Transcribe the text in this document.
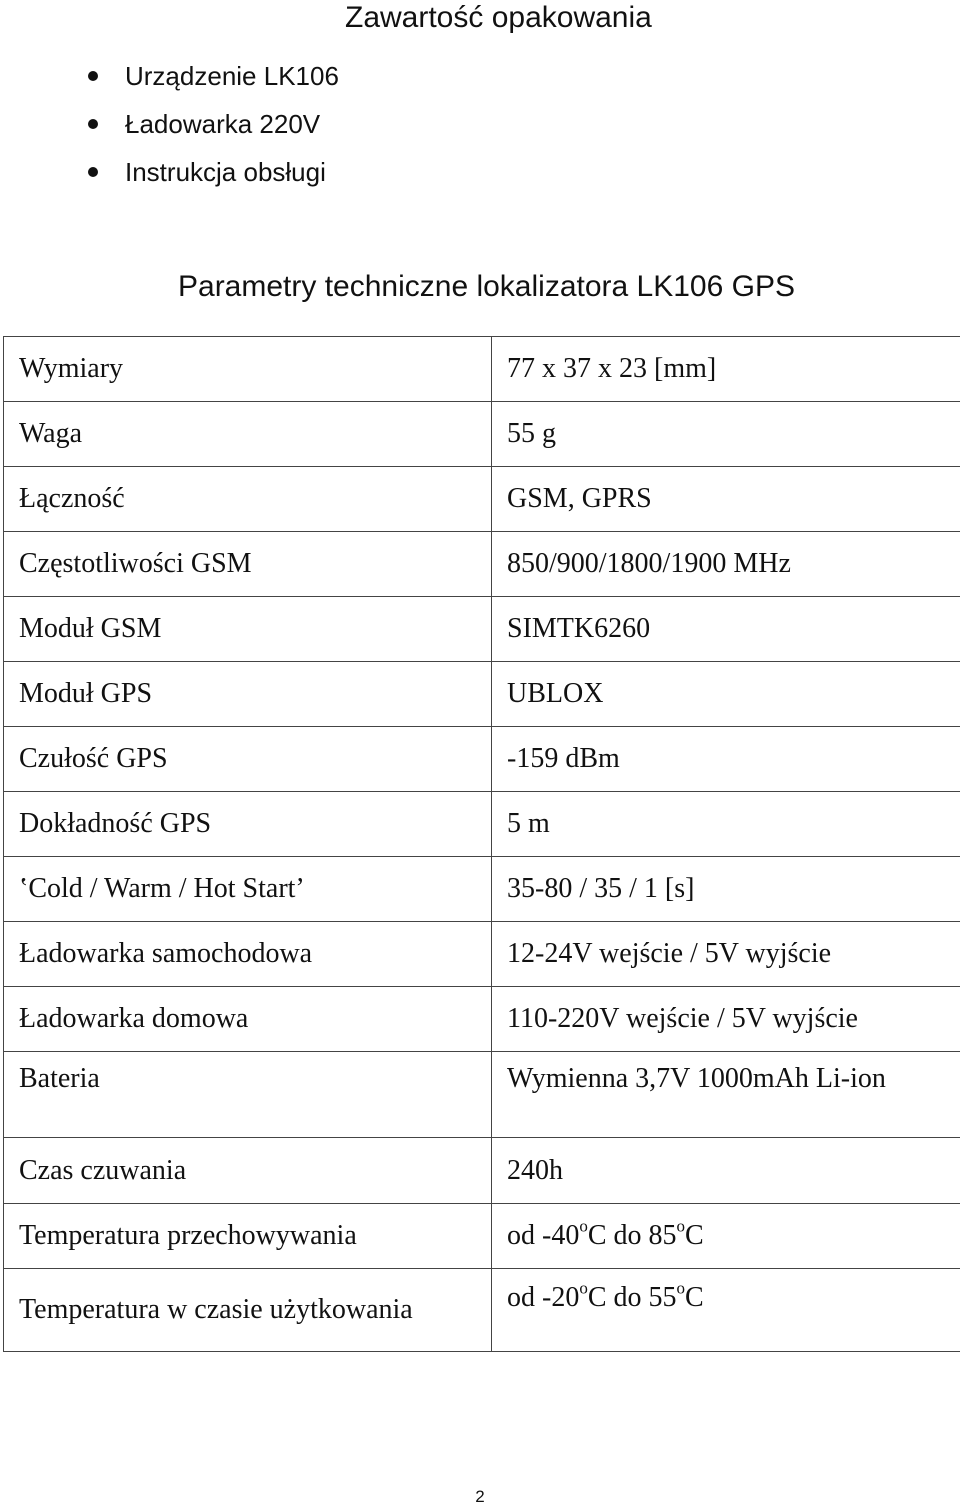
Zawartość opakowania
Urządzenie LK106
Ładowarka 220V
Instrukcja obsługi
Parametry techniczne lokalizatora LK106 GPS
Wymiary	77 x 37 x 23 [mm]
Waga	55 g
Łączność	GSM, GPRS
Częstotliwości GSM	850/900/1800/1900 MHz
Moduł GSM	SIMTK6260
Moduł GPS	UBLOX
Czułość GPS	-159 dBm
Dokładność GPS	5 m
‛Cold / Warm / Hot Start’	35-80 / 35 / 1 [s]
Ładowarka samochodowa	12-24V wejście / 5V wyjście
Ładowarka domowa	110-220V wejście / 5V wyjście
Bateria	Wymienna 3,7V 1000mAh Li-ion
Czas czuwania	240h
Temperatura przechowywania	od -40$^o$C do 85$^o$C
Temperatura w czasie użytkowania	od -20$^o$C do 55$^o$C
2
